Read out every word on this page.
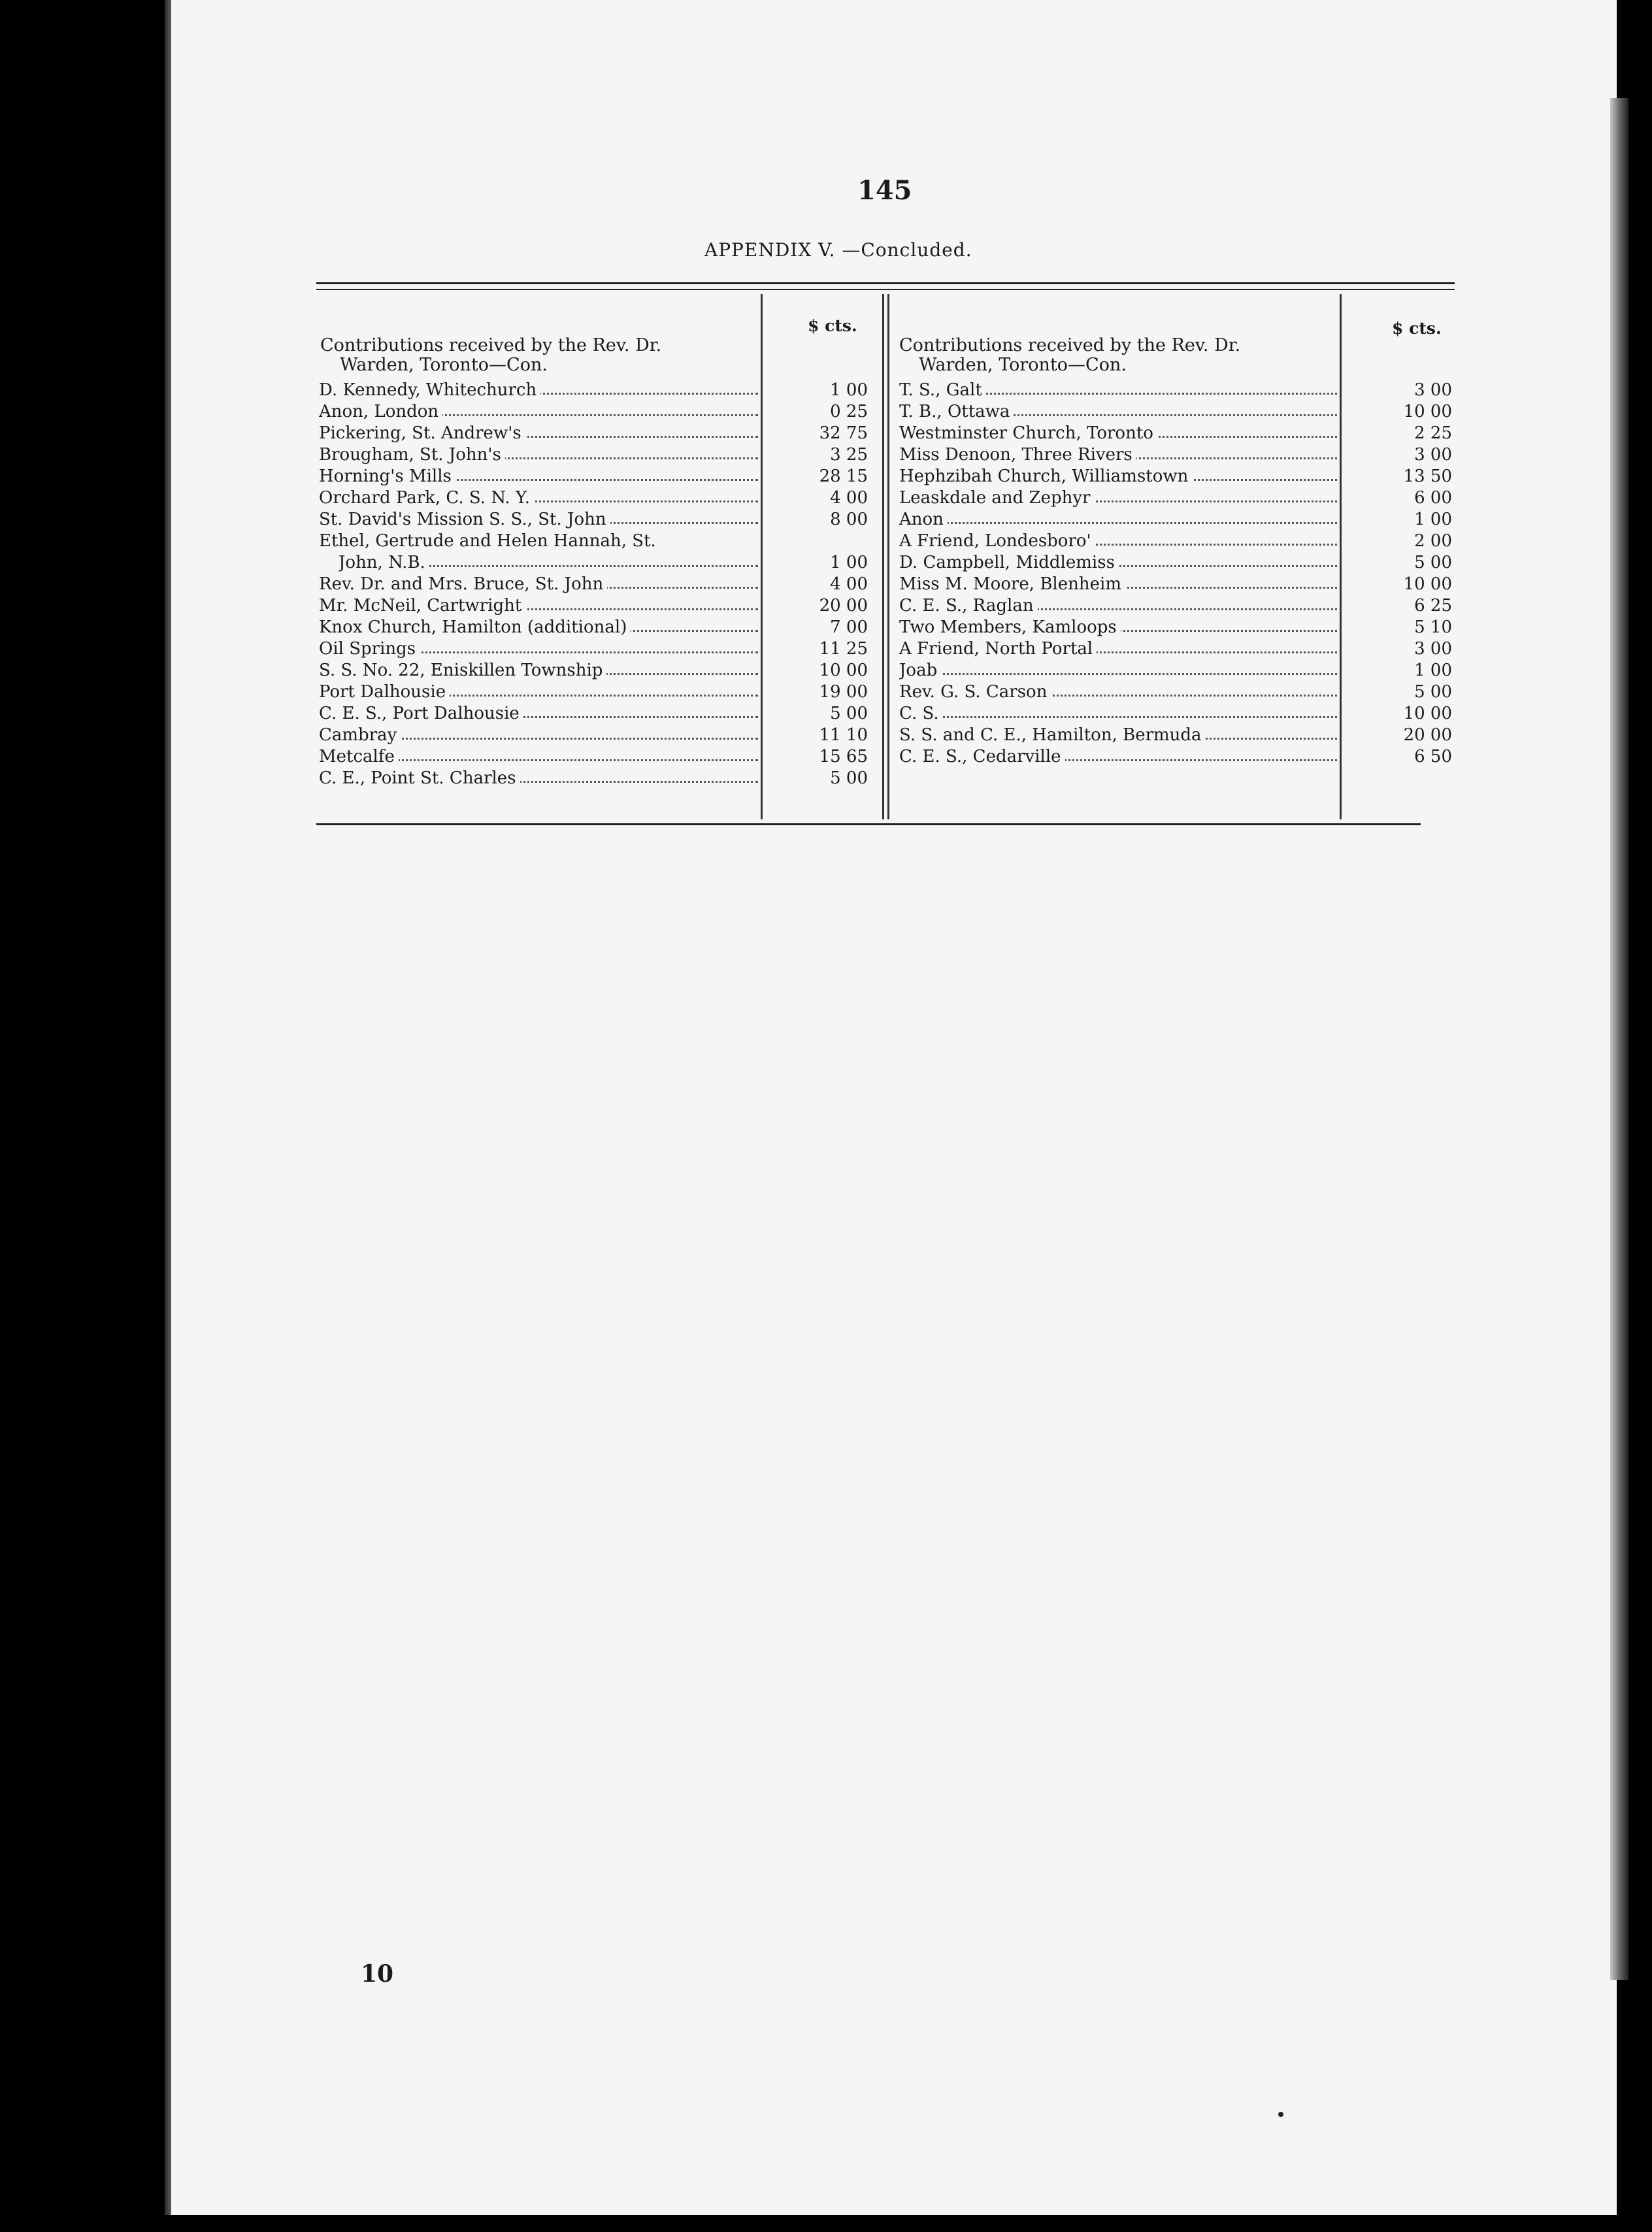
145
APPENDIX V. —Concluded.
$ cts.	$ cts.
Contributions received by the Rev. Dr.
Warden, Toronto—Con.
Contributions received by the Rev. Dr.
Warden, Toronto—Con.
D. Kennedy, Whitechurch	1 00
Anon, London	0 25
Pickering, St. Andrew's	32 75
Brougham, St. John's	3 25
Horning's Mills	28 15
Orchard Park, C. S. N. Y.	4 00
St. David's Mission S. S., St. John	8 00
Ethel, Gertrude and Helen Hannah, St.
John, N.B.	1 00
Rev. Dr. and Mrs. Bruce, St. John	4 00
Mr. McNeil, Cartwright	20 00
Knox Church, Hamilton (additional)	7 00
Oil Springs	11 25
S. S. No. 22, Eniskillen Township	10 00
Port Dalhousie	19 00
C. E. S., Port Dalhousie	5 00
Cambray	11 10
Metcalfe	15 65
C. E., Point St. Charles	5 00
T. S., Galt	3 00
T. B., Ottawa	10 00
Westminster Church, Toronto	2 25
Miss Denoon, Three Rivers	3 00
Hephzibah Church, Williamstown	13 50
Leaskdale and Zephyr	6 00
Anon	1 00
A Friend, Londesboro'	2 00
D. Campbell, Middlemiss	5 00
Miss M. Moore, Blenheim	10 00
C. E. S., Raglan	6 25
Two Members, Kamloops	5 10
A Friend, North Portal	3 00
Joab	1 00
Rev. G. S. Carson	5 00
C. S.	10 00
S. S. and C. E., Hamilton, Bermuda	20 00
C. E. S., Cedarville	6 50
10
